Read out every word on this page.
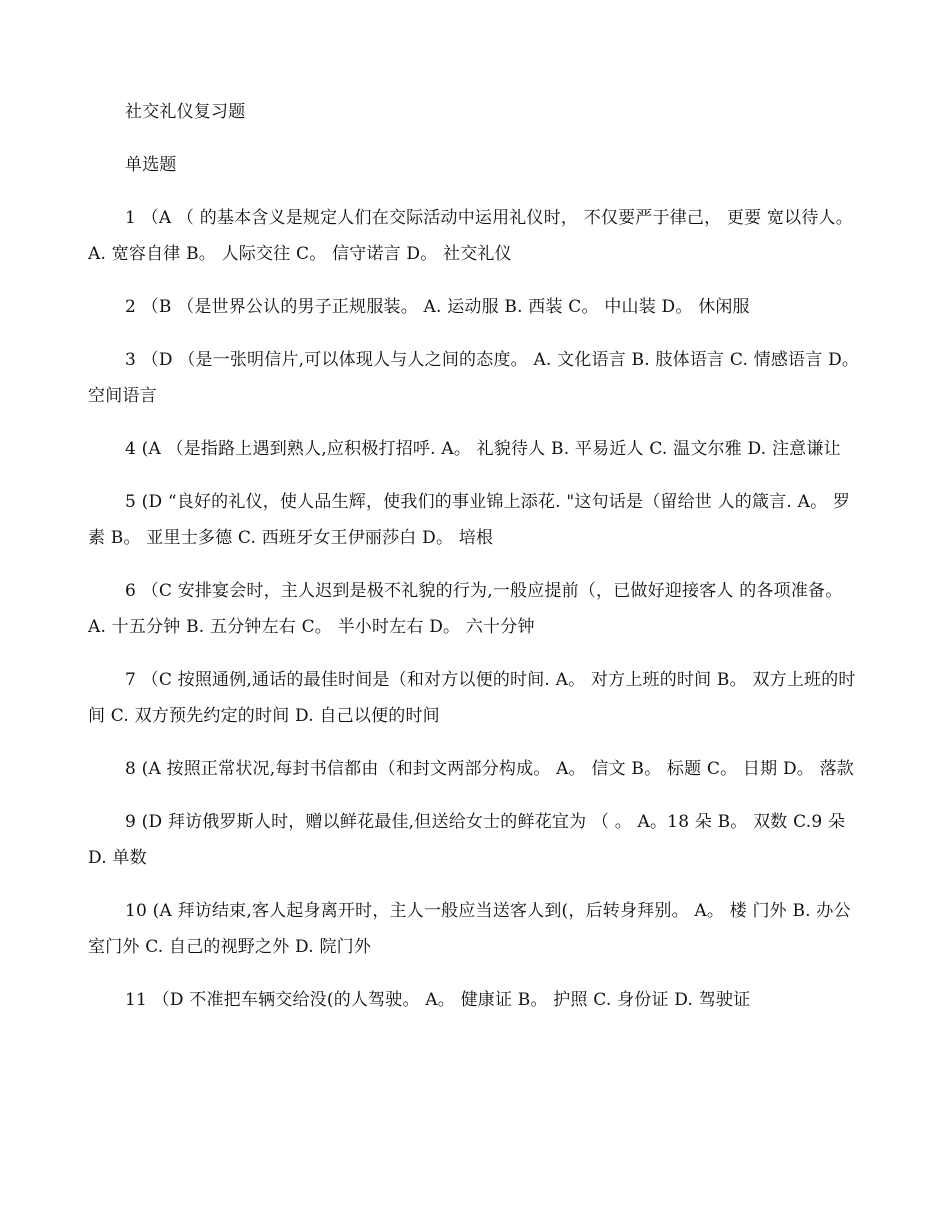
社交礼仪复习题

单选题

1 （A （ 的基本含义是规定人们在交际活动中运用礼仪时， 不仅要严于律己， 更要 宽以待人。 A. 宽容自律 B。 人际交往 C。 信守诺言 D。 社交礼仪

2 （B （是世界公认的男子正规服装。 A. 运动服 B. 西装 C。 中山装 D。 休闲服

3 （D （是一张明信片,可以体现人与人之间的态度。 A. 文化语言 B. 肢体语言 C. 情感语言 D。 空间语言

4 (A （是指路上遇到熟人,应积极打招呼. A。 礼貌待人 B. 平易近人 C. 温文尔雅 D. 注意谦让

5 (D “良好的礼仪，使人品生辉，使我们的事业锦上添花. "这句话是（留给世 人的箴言. A。 罗素 B。 亚里士多德 C. 西班牙女王伊丽莎白 D。 培根

6 （C 安排宴会时，主人迟到是极不礼貌的行为,一般应提前（，已做好迎接客人 的各项准备。 A. 十五分钟 B. 五分钟左右 C。 半小时左右 D。 六十分钟

7 （C 按照通例,通话的最佳时间是（和对方以便的时间. A。 对方上班的时间 B。 双方上班的时间 C. 双方预先约定的时间 D. 自己以便的时间

8 (A 按照正常状况,每封书信都由（和封文两部分构成。 A。 信文 B。 标题 C。 日期 D。 落款

9 (D 拜访俄罗斯人时，赠以鲜花最佳,但送给女士的鲜花宜为 （ 。 A。18 朵 B。 双数 C.9 朵 D. 单数

10 (A 拜访结束,客人起身离开时，主人一般应当送客人到(，后转身拜别。 A。 楼 门外 B. 办公室门外 C. 自己的视野之外 D. 院门外

11 （D 不准把车辆交给没(的人驾驶。 A。 健康证 B。 护照 C. 身份证 D. 驾驶证
